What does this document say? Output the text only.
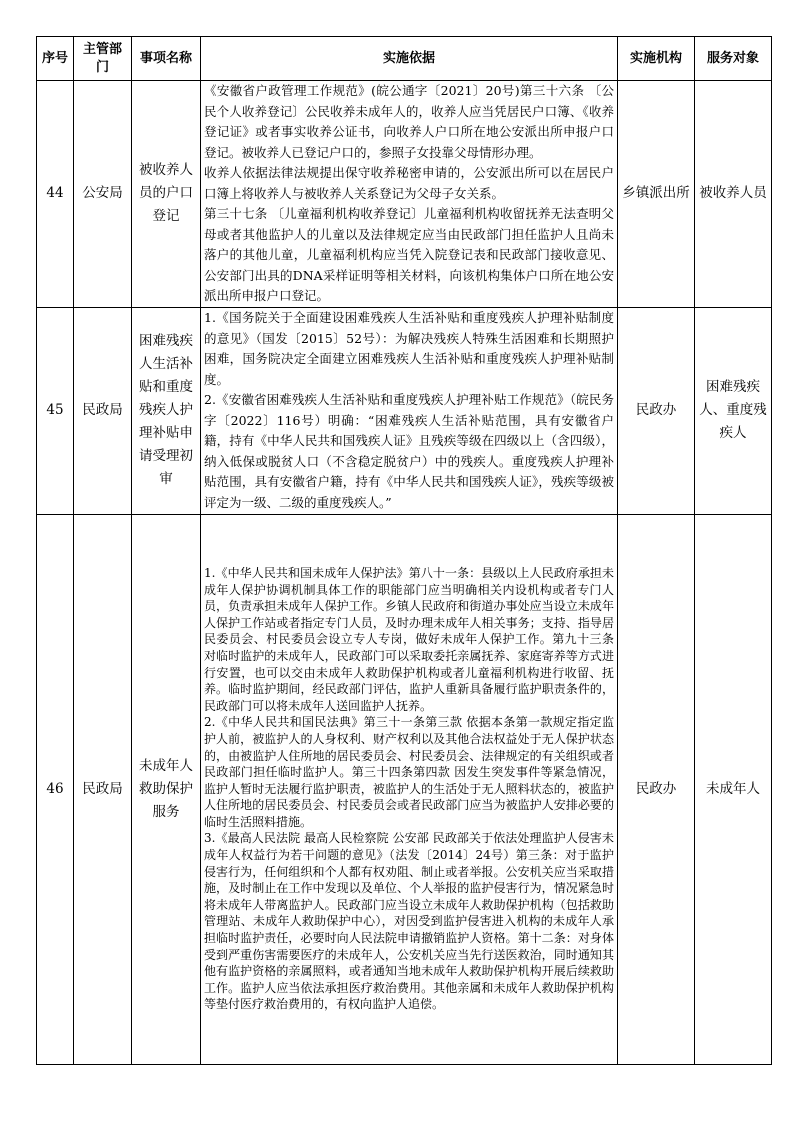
序号	主管部门	事项名称	实施依据	实施机构	服务对象
44	公安局	被收养人员的户口登记	《安徽省户政管理工作规范》(皖公通字〔2021〕20号)第三十六条 〔公民个人收养登记〕公民收养未成年人的，收养人应当凭居民户口簿、《收养登记证》或者事实收养公证书，向收养人户口所在地公安派出所申报户口登记。被收养人已登记户口的，参照子女投靠父母情形办理。

收养人依据法律法规提出保守收养秘密申请的，公安派出所可以在居民户口簿上将收养人与被收养人关系登记为父母子女关系。

第三十七条 〔儿童福利机构收养登记〕儿童福利机构收留抚养无法查明父母或者其他监护人的儿童以及法律规定应当由民政部门担任监护人且尚未落户的其他儿童，儿童福利机构应当凭入院登记表和民政部门接收意见、公安部门出具的DNA采样证明等相关材料，向该机构集体户口所在地公安派出所申报户口登记。	乡镇派出所	被收养人员
45	民政局	困难残疾人生活补贴和重度残疾人护理补贴申请受理初审	1.《国务院关于全面建设困难残疾人生活补贴和重度残疾人护理补贴制度的意见》（国发〔2015〕52号）：为解决残疾人特殊生活困难和长期照护困难，国务院决定全面建立困难残疾人生活补贴和重度残疾人护理补贴制度。

2.《安徽省困难残疾人生活补贴和重度残疾人护理补贴工作规范》（皖民务字〔2022〕116号）明确：“困难残疾人生活补贴范围，具有安徽省户籍，持有《中华人民共和国残疾人证》且残疾等级在四级以上（含四级），纳入低保或脱贫人口（不含稳定脱贫户）中的残疾人。重度残疾人护理补贴范围，具有安徽省户籍，持有《中华人民共和国残疾人证》，残疾等级被评定为一级、二级的重度残疾人。”	民政办	困难残疾人、重度残疾人
46	民政局	未成年人救助保护服务	1.《中华人民共和国未成年人保护法》第八十一条：县级以上人民政府承担未成年人保护协调机制具体工作的职能部门应当明确相关内设机构或者专门人员，负责承担未成年人保护工作。乡镇人民政府和街道办事处应当设立未成年人保护工作站或者指定专门人员，及时办理未成年人相关事务；支持、指导居民委员会、村民委员会设立专人专岗，做好未成年人保护工作。第九十三条 对临时监护的未成年人，民政部门可以采取委托亲属抚养、家庭寄养等方式进行安置，也可以交由未成年人救助保护机构或者儿童福利机构进行收留、抚养。临时监护期间，经民政部门评估，监护人重新具备履行监护职责条件的，民政部门可以将未成年人送回监护人抚养。

2.《中华人民共和国民法典》第三十一条第三款 依据本条第一款规定指定监护人前，被监护人的人身权利、财产权利以及其他合法权益处于无人保护状态的，由被监护人住所地的居民委员会、村民委员会、法律规定的有关组织或者民政部门担任临时监护人。第三十四条第四款 因发生突发事件等紧急情况，监护人暂时无法履行监护职责，被监护人的生活处于无人照料状态的，被监护人住所地的居民委员会、村民委员会或者民政部门应当为被监护人安排必要的临时生活照料措施。

3.《最高人民法院 最高人民检察院 公安部 民政部关于依法处理监护人侵害未成年人权益行为若干问题的意见》（法发〔2014〕24号）第三条：对于监护侵害行为，任何组织和个人都有权劝阻、制止或者举报。公安机关应当采取措施，及时制止在工作中发现以及单位、个人举报的监护侵害行为，情况紧急时将未成年人带离监护人。民政部门应当设立未成年人救助保护机构（包括救助管理站、未成年人救助保护中心），对因受到监护侵害进入机构的未成年人承担临时监护责任，必要时向人民法院申请撤销监护人资格。第十二条：对身体受到严重伤害需要医疗的未成年人，公安机关应当先行送医救治，同时通知其他有监护资格的亲属照料，或者通知当地未成年人救助保护机构开展后续救助工作。监护人应当依法承担医疗救治费用。其他亲属和未成年人救助保护机构等垫付医疗救治费用的，有权向监护人追偿。	民政办	未成年人
